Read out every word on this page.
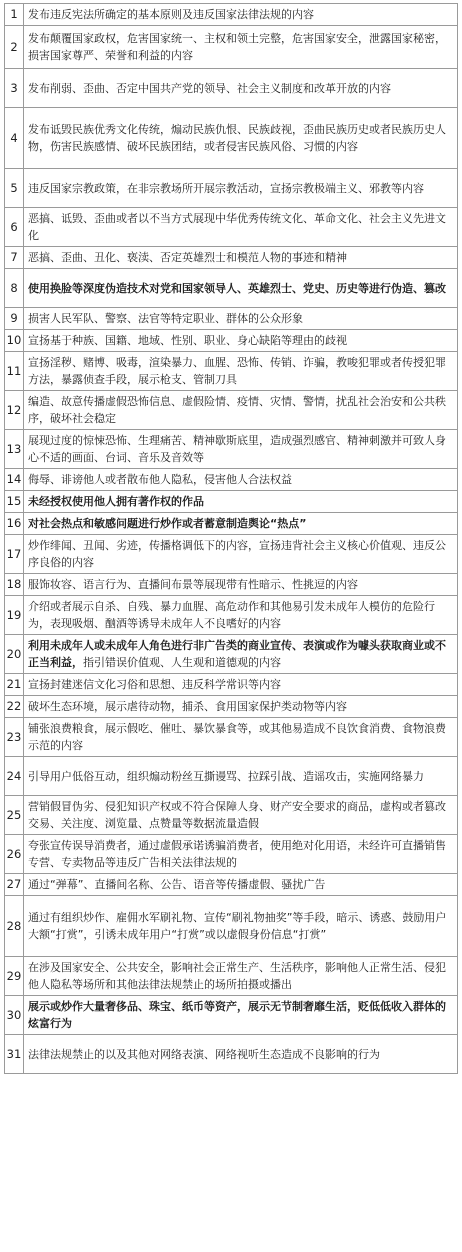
1	发布违反宪法所确定的基本原则及违反国家法律法规的内容
2	发布颠覆国家政权，危害国家统一、主权和领土完整，危害国家安全，泄露国家秘密，损害国家尊严、荣誉和利益的内容
3	发布削弱、歪曲、否定中国共产党的领导、社会主义制度和改革开放的内容
4	发布诋毁民族优秀文化传统，煽动民族仇恨、民族歧视，歪曲民族历史或者民族历史人物，伤害民族感情、破坏民族团结，或者侵害民族风俗、习惯的内容
5	违反国家宗教政策，在非宗教场所开展宗教活动，宣扬宗教极端主义、邪教等内容
6	恶搞、诋毁、歪曲或者以不当方式展现中华优秀传统文化、革命文化、社会主义先进文化
7	恶搞、歪曲、丑化、亵渎、否定英雄烈士和模范人物的事迹和精神
8	使用换脸等深度伪造技术对党和国家领导人、英雄烈士、党史、历史等进行伪造、篡改
9	损害人民军队、警察、法官等特定职业、群体的公众形象
10	宣扬基于种族、国籍、地域、性别、职业、身心缺陷等理由的歧视
11	宣扬淫秽、赌博、吸毒，渲染暴力、血腥、恐怖、传销、诈骗，教唆犯罪或者传授犯罪方法，暴露侦查手段，展示枪支、管制刀具
12	编造、故意传播虚假恐怖信息、虚假险情、疫情、灾情、警情，扰乱社会治安和公共秩序，破坏社会稳定
13	展现过度的惊悚恐怖、生理痛苦、精神歇斯底里，造成强烈感官、精神刺激并可致人身心不适的画面、台词、音乐及音效等
14	侮辱、诽谤他人或者散布他人隐私，侵害他人合法权益
15	未经授权使用他人拥有著作权的作品
16	对社会热点和敏感问题进行炒作或者蓄意制造舆论“热点”
17	炒作绯闻、丑闻、劣迹，传播格调低下的内容，宣扬违背社会主义核心价值观、违反公序良俗的内容
18	服饰妆容、语言行为、直播间布景等展现带有性暗示、性挑逗的内容
19	介绍或者展示自杀、自残、暴力血腥、高危动作和其他易引发未成年人模仿的危险行为，表现吸烟、酗酒等诱导未成年人不良嗜好的内容
20	利用未成年人或未成年人角色进行非广告类的商业宣传、表演或作为噱头获取商业或不正当利益，指引错误价值观、人生观和道德观的内容
21	宣扬封建迷信文化习俗和思想、违反科学常识等内容
22	破坏生态环境，展示虐待动物，捕杀、食用国家保护类动物等内容
23	铺张浪费粮食，展示假吃、催吐、暴饮暴食等，或其他易造成不良饮食消费、食物浪费示范的内容
24	引导用户低俗互动，组织煽动粉丝互撕谩骂、拉踩引战、造谣攻击，实施网络暴力
25	营销假冒伪劣、侵犯知识产权或不符合保障人身、财产安全要求的商品，虚构或者篡改交易、关注度、浏览量、点赞量等数据流量造假
26	夸张宣传误导消费者，通过虚假承诺诱骗消费者，使用绝对化用语，未经许可直播销售专营、专卖物品等违反广告相关法律法规的
27	通过“弹幕”、直播间名称、公告、语音等传播虚假、骚扰广告
28	通过有组织炒作、雇佣水军刷礼物、宣传“刷礼物抽奖”等手段，暗示、诱惑、鼓励用户大额“打赏”，引诱未成年用户“打赏”或以虚假身份信息“打赏”
29	在涉及国家安全、公共安全，影响社会正常生产、生活秩序，影响他人正常生活、侵犯他人隐私等场所和其他法律法规禁止的场所拍摄或播出
30	展示或炒作大量奢侈品、珠宝、纸币等资产，展示无节制奢靡生活，贬低低收入群体的炫富行为
31	法律法规禁止的以及其他对网络表演、网络视听生态造成不良影响的行为
